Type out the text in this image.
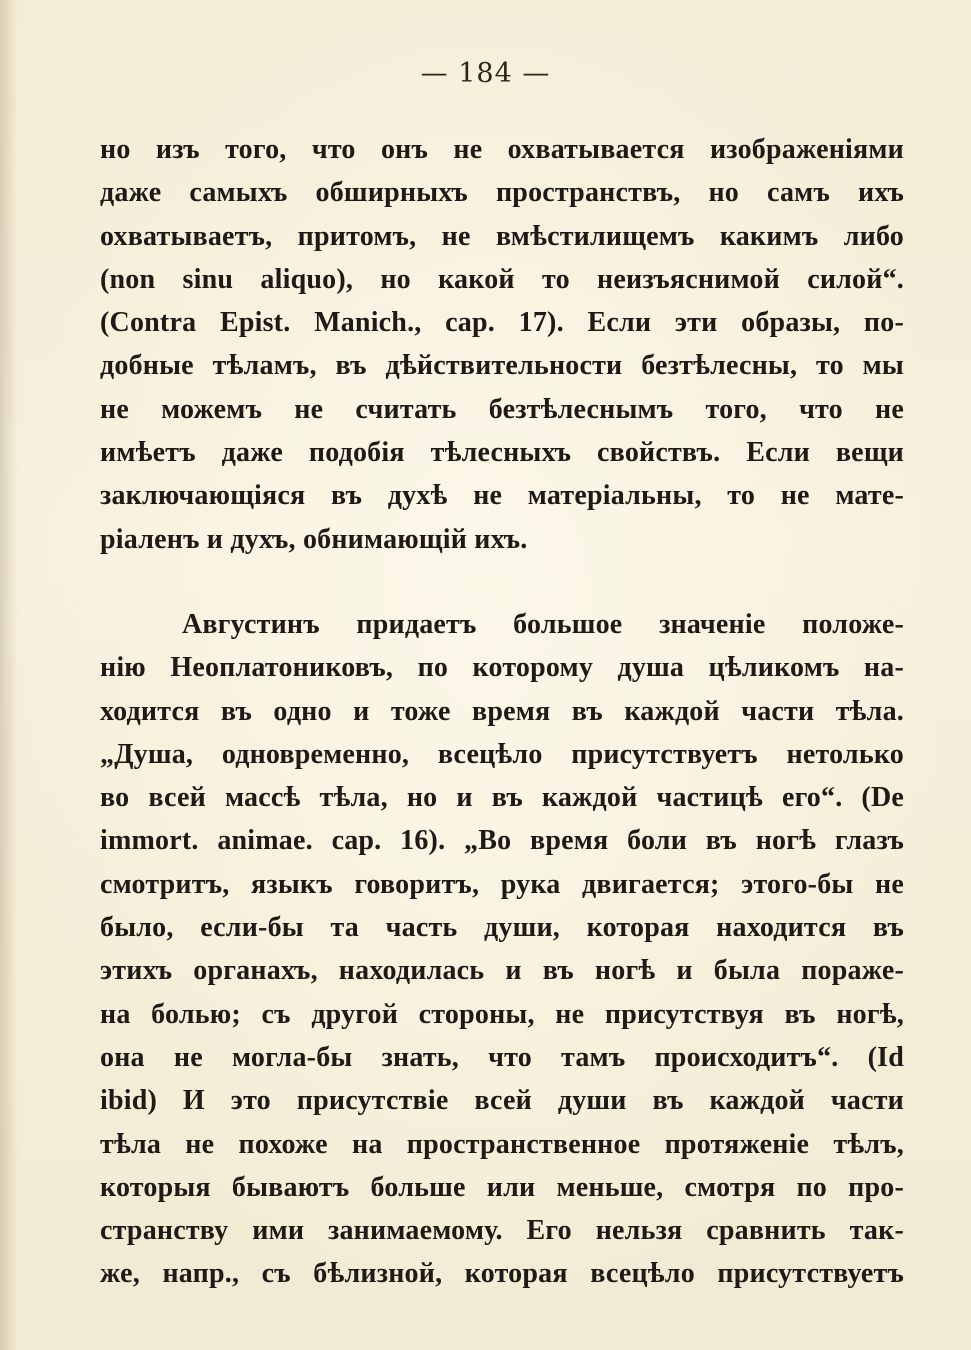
— 184 —
но изъ того, что онъ не охватывается изображеніями
даже самыхъ обширныхъ пространствъ, но самъ ихъ
охватываетъ, притомъ, не вмѣстилищемъ какимъ либо
(non sinu aliquo), но какой то неизъяснимой силой“.
(Contra Epist. Manich., cap. 17). Если эти образы, по-
добные тѣламъ, въ дѣйствительности безтѣлесны, то мы
не можемъ не считать безтѣлеснымъ того, что не
имѣетъ даже подобія тѣлесныхъ свойствъ. Если вещи
заключающіяся въ духѣ не матеріальны, то не мате-
ріаленъ и духъ, обнимающій ихъ.
Августинъ придаетъ большое значеніе положе-
нію Неоплатониковъ, по которому душа цѣликомъ на-
ходится въ одно и тоже время въ каждой части тѣла.
„Душа, одновременно, всецѣло присутствуетъ нетолько
во всей массѣ тѣла, но и въ каждой частицѣ его“. (De
immort. animae. cap. 16). „Во время боли въ ногѣ глазъ
смотритъ, языкъ говоритъ, рука двигается; этого-бы не
было, если-бы та часть души, которая находится въ
этихъ органахъ, находилась и въ ногѣ и была пораже-
на болью; съ другой стороны, не присутствуя въ ногѣ,
она не могла-бы знать, что тамъ происходитъ“. (Id
ibid) И это присутствіе всей души въ каждой части
тѣла не похоже на пространственное протяженіе тѣлъ,
которыя бываютъ больше или меньше, смотря по про-
странству ими занимаемому. Его нельзя сравнить так-
же, напр., съ бѣлизной, которая всецѣло присутствуетъ
